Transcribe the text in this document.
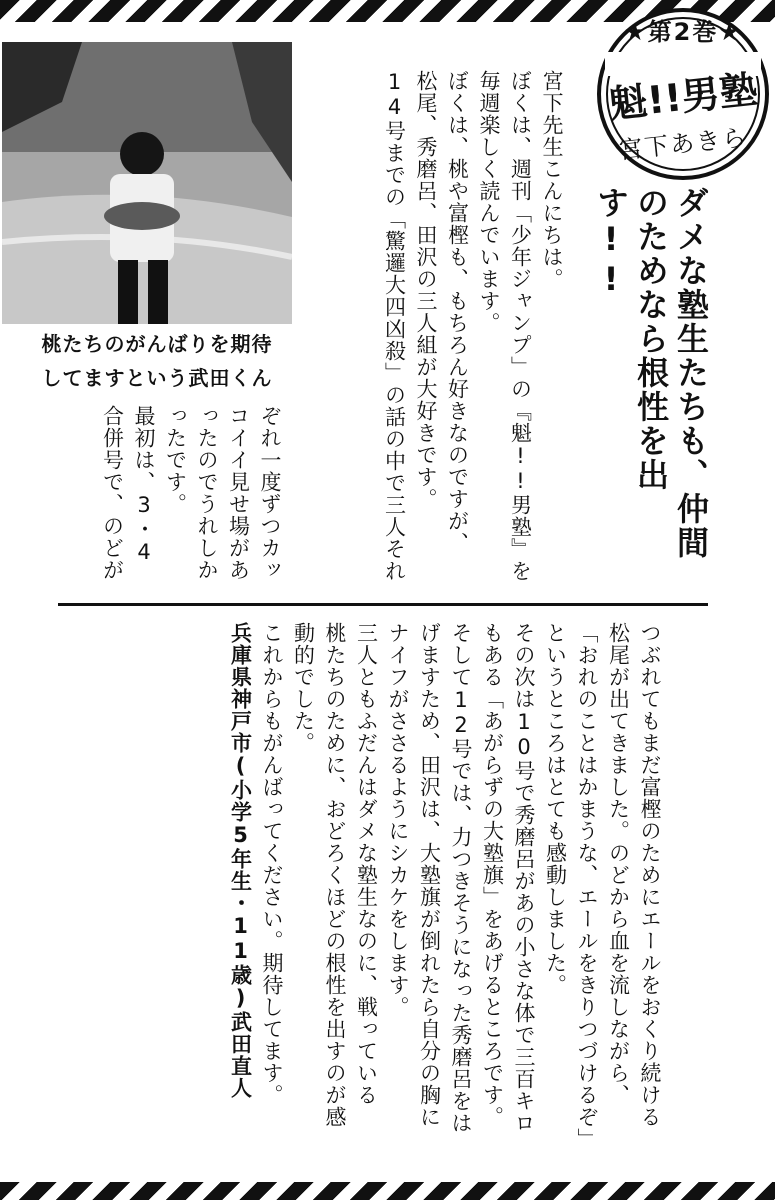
★第2巻★
魁!!男塾
宮下あきら
ダメな塾生たちも、仲間
のためなら根性を出す!!
桃たちのがんばりを期待
してますという武田くん
宮下先生こんにちは。
ぼくは、週刊「少年ジャンプ」の『魁!!男塾』を
毎週楽しく読んでいます。
ぼくは、桃や富樫も、もちろん好きなのですが、
松尾、秀磨呂、田沢の三人組が大好きです。
14号までの「驚邏大四凶殺」の話の中で三人それ
ぞれ一度ずつカッ
コイイ見せ場があ
ったのでうれしか
ったです。
最初は、3・4
合併号で、のどが
つぶれてもまだ富樫のためにエールをおくり続ける
松尾が出てきました。のどから血を流しながら、
「おれのことはかまうな、エールをきりつづけるぞ」
というところはとても感動しました。
その次は10号で秀磨呂があの小さな体で三百キロ
もある「あがらずの大塾旗」をあげるところです。
そして12号では、力つきそうになった秀磨呂をは
げますため、田沢は、大塾旗が倒れたら自分の胸に
ナイフがささるようにシカケをします。
三人ともふだんはダメな塾生なのに、戦っている
桃たちのために、おどろくほどの根性を出すのが感
動的でした。
これからもがんばってください。期待してます。
兵庫県神戸市(小学5年生・11歳)武田直人
